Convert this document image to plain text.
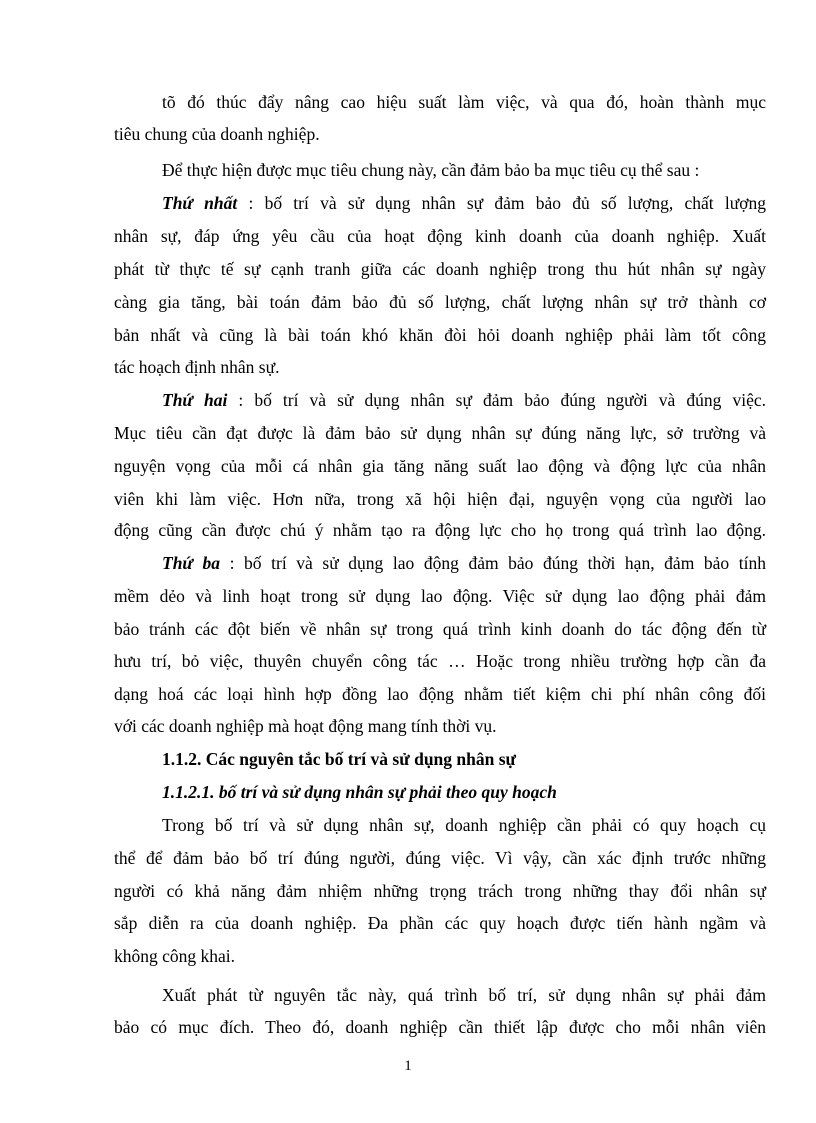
tõ đó thúc đẩy nâng cao hiệu suất làm việc, và qua đó, hoàn thành mục
tiêu chung của doanh nghiệp.
Để thực hiện được mục tiêu chung này, cần đảm bảo ba mục tiêu cụ thể sau :
Thứ nhất : bố trí và sử dụng nhân sự đảm bảo đủ số lượng, chất lượng
nhân sự, đáp ứng yêu cầu của hoạt động kinh doanh của doanh nghiệp. Xuất
phát từ thực tế sự cạnh tranh giữa các doanh nghiệp trong thu hút nhân sự ngày
càng gia tăng, bài toán đảm bảo đủ số lượng, chất lượng nhân sự trở thành cơ
bản nhất và cũng là bài toán khó khăn đòi hỏi doanh nghiệp phải làm tốt công
tác hoạch định nhân sự.
Thứ hai : bố trí và sử dụng nhân sự đảm bảo đúng người và đúng việc.
Mục tiêu cần đạt được là đảm bảo sử dụng nhân sự đúng năng lực, sở trường và
nguyện vọng của mỗi cá nhân gia tăng năng suất lao động và động lực của nhân
viên khi làm việc. Hơn nữa, trong xã hội hiện đại, nguyện vọng của người lao
động cũng cần được chú ý nhằm tạo ra động lực cho họ trong quá trình lao động.
Thứ ba : bố trí và sử dụng lao động đảm bảo đúng thời hạn, đảm bảo tính
mềm dẻo và linh hoạt trong sử dụng lao động. Việc sử dụng lao động phải đảm
bảo tránh các đột biến về nhân sự trong quá trình kinh doanh do tác động đến từ
hưu trí, bỏ việc, thuyên chuyển công tác … Hoặc trong nhiều trường hợp cần đa
dạng hoá các loại hình hợp đồng lao động nhằm tiết kiệm chi phí nhân công đối
với các doanh nghiệp mà hoạt động mang tính thời vụ.
1.1.2. Các nguyên tắc bố trí và sử dụng nhân sự
1.1.2.1. bố trí và sử dụng nhân sự phải theo quy hoạch
Trong bố trí và sử dụng nhân sự, doanh nghiệp cần phải có quy hoạch cụ
thể để đảm bảo bố trí đúng người, đúng việc. Vì vậy, cần xác định trước những
người có khả năng đảm nhiệm những trọng trách trong những thay đổi nhân sự
sắp diễn ra của doanh nghiệp. Đa phần các quy hoạch được tiến hành ngầm và
không công khai.
Xuất phát từ nguyên tắc này, quá trình bố trí, sử dụng nhân sự phải đảm
bảo có mục đích. Theo đó, doanh nghiệp cần thiết lập được cho mỗi nhân viên
1
